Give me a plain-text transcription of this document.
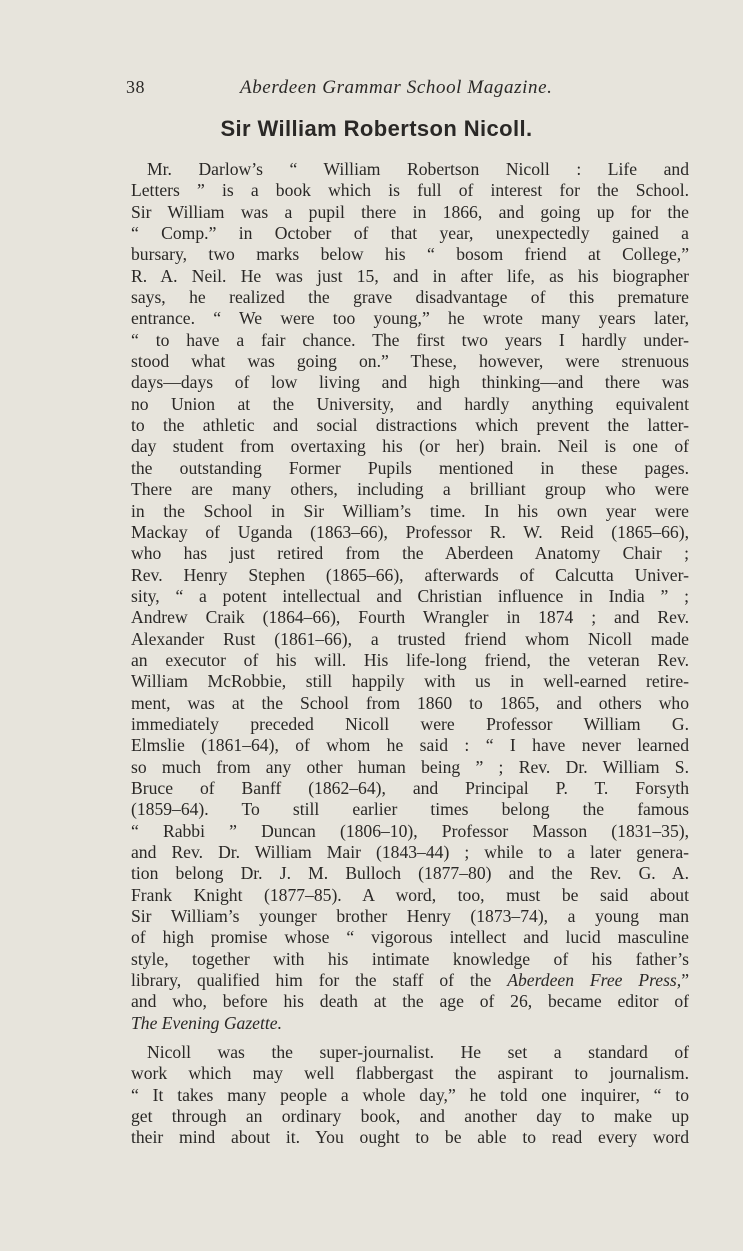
38	Aberdeen Grammar School Magazine.
Sir William Robertson Nicoll.
Mr. Darlow’s “ William Robertson Nicoll : Life and
Letters ” is a book which is full of interest for the School.
Sir William was a pupil there in 1866, and going up for the
“ Comp.” in October of that year, unexpectedly gained a
bursary, two marks below his “ bosom friend at College,”
R. A. Neil. He was just 15, and in after life, as his biographer
says, he realized the grave disadvantage of this premature
entrance. “ We were too young,” he wrote many years later,
“ to have a fair chance. The first two years I hardly under-
stood what was going on.” These, however, were strenuous
days—days of low living and high thinking—and there was
no Union at the University, and hardly anything equivalent
to the athletic and social distractions which prevent the latter-
day student from overtaxing his (or her) brain. Neil is one of
the outstanding Former Pupils mentioned in these pages.
There are many others, including a brilliant group who were
in the School in Sir William’s time. In his own year were
Mackay of Uganda (1863–66), Professor R. W. Reid (1865–66),
who has just retired from the Aberdeen Anatomy Chair ;
Rev. Henry Stephen (1865–66), afterwards of Calcutta Univer-
sity, “ a potent intellectual and Christian influence in India ” ;
Andrew Craik (1864–66), Fourth Wrangler in 1874 ; and Rev.
Alexander Rust (1861–66), a trusted friend whom Nicoll made
an executor of his will. His life-long friend, the veteran Rev.
William McRobbie, still happily with us in well-earned retire-
ment, was at the School from 1860 to 1865, and others who
immediately preceded Nicoll were Professor William G.
Elmslie (1861–64), of whom he said : “ I have never learned
so much from any other human being ” ; Rev. Dr. William S.
Bruce of Banff (1862–64), and Principal P. T. Forsyth
(1859–64). To still earlier times belong the famous
“ Rabbi ” Duncan (1806–10), Professor Masson (1831–35),
and Rev. Dr. William Mair (1843–44) ; while to a later genera-
tion belong Dr. J. M. Bulloch (1877–80) and the Rev. G. A.
Frank Knight (1877–85). A word, too, must be said about
Sir William’s younger brother Henry (1873–74), a young man
of high promise whose “ vigorous intellect and lucid masculine
style, together with his intimate knowledge of his father’s
library, qualified him for the staff of the Aberdeen Free Press,”
and who, before his death at the age of 26, became editor of
The Evening Gazette.
Nicoll was the super-journalist. He set a standard of
work which may well flabbergast the aspirant to journalism.
“ It takes many people a whole day,” he told one inquirer, “ to
get through an ordinary book, and another day to make up
their mind about it. You ought to be able to read every word
